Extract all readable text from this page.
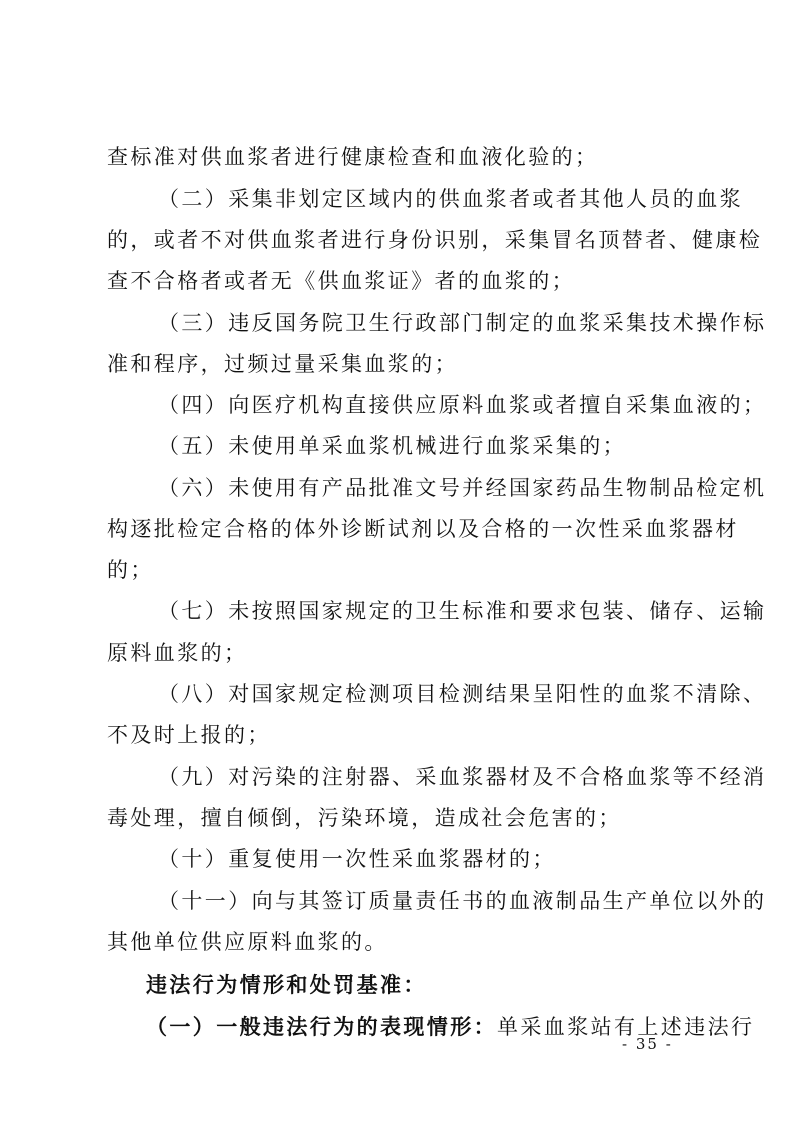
查标准对供血浆者进行健康检查和血液化验的；
（二）采集非划定区域内的供血浆者或者其他人员的血浆
的，或者不对供血浆者进行身份识别，采集冒名顶替者、健康检
查不合格者或者无《供血浆证》者的血浆的；
（三）违反国务院卫生行政部门制定的血浆采集技术操作标
准和程序，过频过量采集血浆的；
（四）向医疗机构直接供应原料血浆或者擅自采集血液的；
（五）未使用单采血浆机械进行血浆采集的；
（六）未使用有产品批准文号并经国家药品生物制品检定机
构逐批检定合格的体外诊断试剂以及合格的一次性采血浆器材
的；
（七）未按照国家规定的卫生标准和要求包装、储存、运输
原料血浆的；
（八）对国家规定检测项目检测结果呈阳性的血浆不清除、
不及时上报的；
（九）对污染的注射器、采血浆器材及不合格血浆等不经消
毒处理，擅自倾倒，污染环境，造成社会危害的；
（十）重复使用一次性采血浆器材的；
（十一）向与其签订质量责任书的血液制品生产单位以外的
其他单位供应原料血浆的。
违法行为情形和处罚基准：
（一）一般违法行为的表现情形：单采血浆站有上述违法行
- 35 -
